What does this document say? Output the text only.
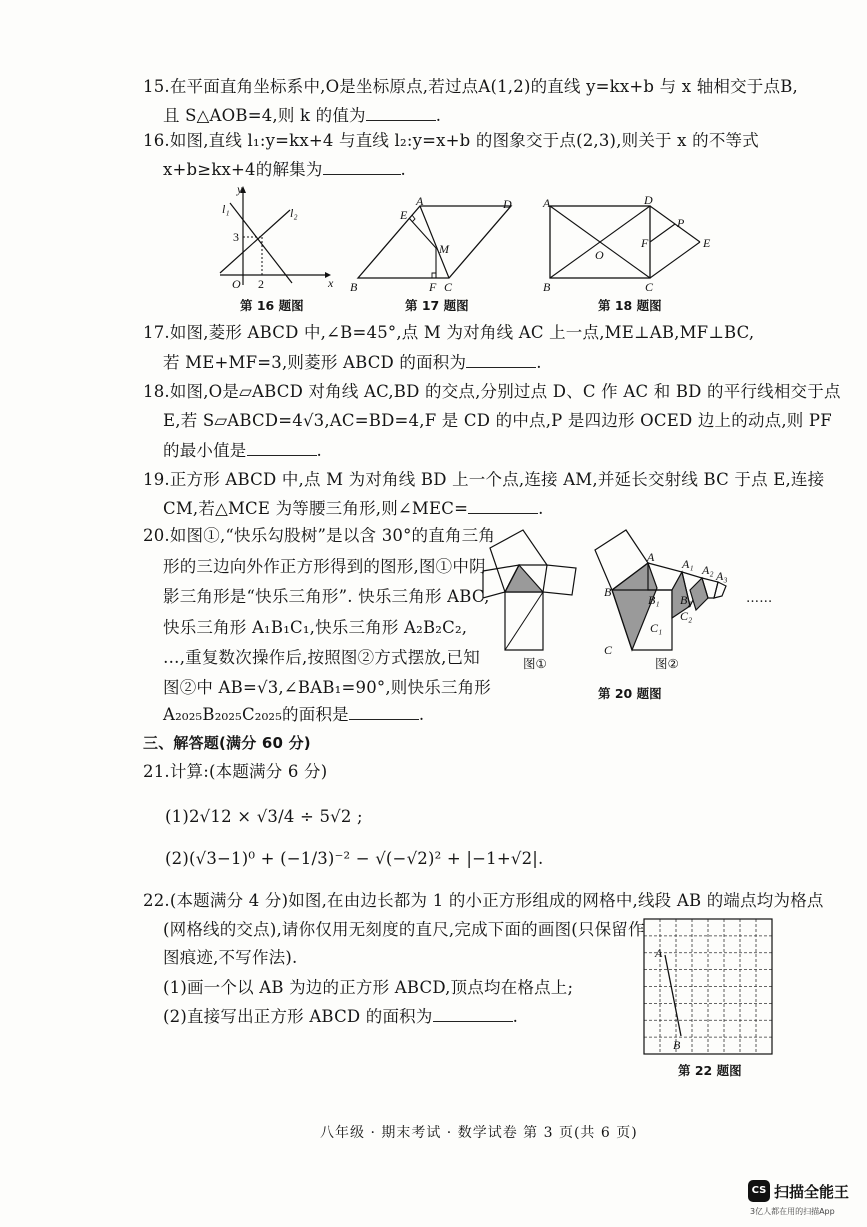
15.在平面直角坐标系中,O是坐标原点,若过点A(1,2)的直线 y=kx+b 与 x 轴相交于点B,
且 S△AOB=4,则 k 的值为	.
16.如图,直线 l₁:y=kx+4 与直线 l₂:y=x+b 的图象交于点(2,3),则关于 x 的不等式
x+b≥kx+4的解集为	.
y
x
l₁	l₂
3
2
O
第 16 题图
B
A	D
C
F
E
M
第 17 题图
A	D
B	C
O
F
P
E
第 18 题图
17.如图,菱形 ABCD 中,∠B=45°,点 M 为对角线 AC 上一点,ME⊥AB,MF⊥BC,
若 ME+MF=3,则菱形 ABCD 的面积为	.
18.如图,O是▱ABCD 对角线 AC,BD 的交点,分别过点 D、C 作 AC 和 BD 的平行线相交于点
E,若 S▱ABCD=4√3,AC=BD=4,F 是 CD 的中点,P 是四边形 OCED 边上的动点,则 PF
的最小值是	.
19.正方形 ABCD 中,点 M 为对角线 BD 上一个点,连接 AM,并延长交射线 BC 于点 E,连接
CM,若△MCE 为等腰三角形,则∠MEC=	.
20.如图①,“快乐勾股树”是以含 30°的直角三角
形的三边向外作正方形得到的图形,图①中阴
影三角形是“快乐三角形”. 快乐三角形 ABC,
快乐三角形 A₁B₁C₁,快乐三角形 A₂B₂C₂,
…,重复数次操作后,按照图②方式摆放,已知
图②中 AB=√3,∠BAB₁=90°,则快乐三角形
A₂₀₂₅B₂₀₂₅C₂₀₂₅的面积是	.
图①
A
B
C
A₁
B₁
C₁
A₂
B₂
C₂
A₃
……
图②
第 20 题图
三、解答题(满分 60 分)
21.计算:(本题满分 6 分)
(1)2√12 × √3/4 ÷ 5√2 ;
(2)(√3−1)⁰ + (−1/3)⁻² − √(−√2)² + |−1+√2|.
22.(本题满分 4 分)如图,在由边长都为 1 的小正方形组成的网格中,线段 AB 的端点均为格点
(网格线的交点),请你仅用无刻度的直尺,完成下面的画图(只保留作
图痕迹,不写作法).
(1)画一个以 AB 为边的正方形 ABCD,顶点均在格点上;
(2)直接写出正方形 ABCD 的面积为	.
A
B
第 22 题图
八年级 · 期末考试 · 数学试卷 第 3 页(共 6 页)
CS 扫描全能王
3亿人都在用的扫描App
